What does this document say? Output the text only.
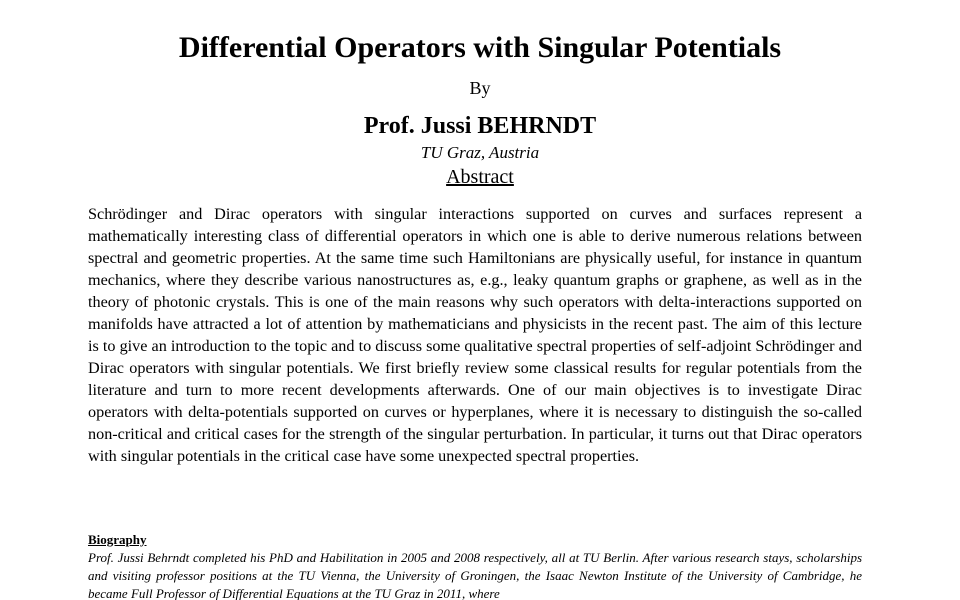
Differential Operators with Singular Potentials
By
Prof. Jussi BEHRNDT
TU Graz, Austria
Abstract

Schrödinger and Dirac operators with singular interactions supported on curves and surfaces represent a mathematically interesting class of differential operators in which one is able to derive numerous relations between spectral and geometric properties. At the same time such Hamiltonians are physically useful, for instance in quantum mechanics, where they describe various nanostructures as, e.g., leaky quantum graphs or graphene, as well as in the theory of photonic crystals. This is one of the main reasons why such operators with delta-interactions supported on manifolds have attracted a lot of attention by mathematicians and physicists in the recent past. The aim of this lecture is to give an introduction to the topic and to discuss some qualitative spectral properties of self-adjoint Schrödinger and Dirac operators with singular potentials. We first briefly review some classical results for regular potentials from the literature and turn to more recent developments afterwards. One of our main objectives is to investigate Dirac operators with delta-potentials supported on curves or hyperplanes, where it is necessary to distinguish the so-called non-critical and critical cases for the strength of the singular perturbation. In particular, it turns out that Dirac operators with singular potentials in the critical case have some unexpected spectral properties.

Biography

Prof. Jussi Behrndt completed his PhD and Habilitation in 2005 and 2008 respectively, all at TU Berlin. After various research stays, scholarships and visiting professor positions at the TU Vienna, the University of Groningen, the Isaac Newton Institute of the University of Cambridge, he became Full Professor of Differential Equations at the TU Graz in 2011, where
